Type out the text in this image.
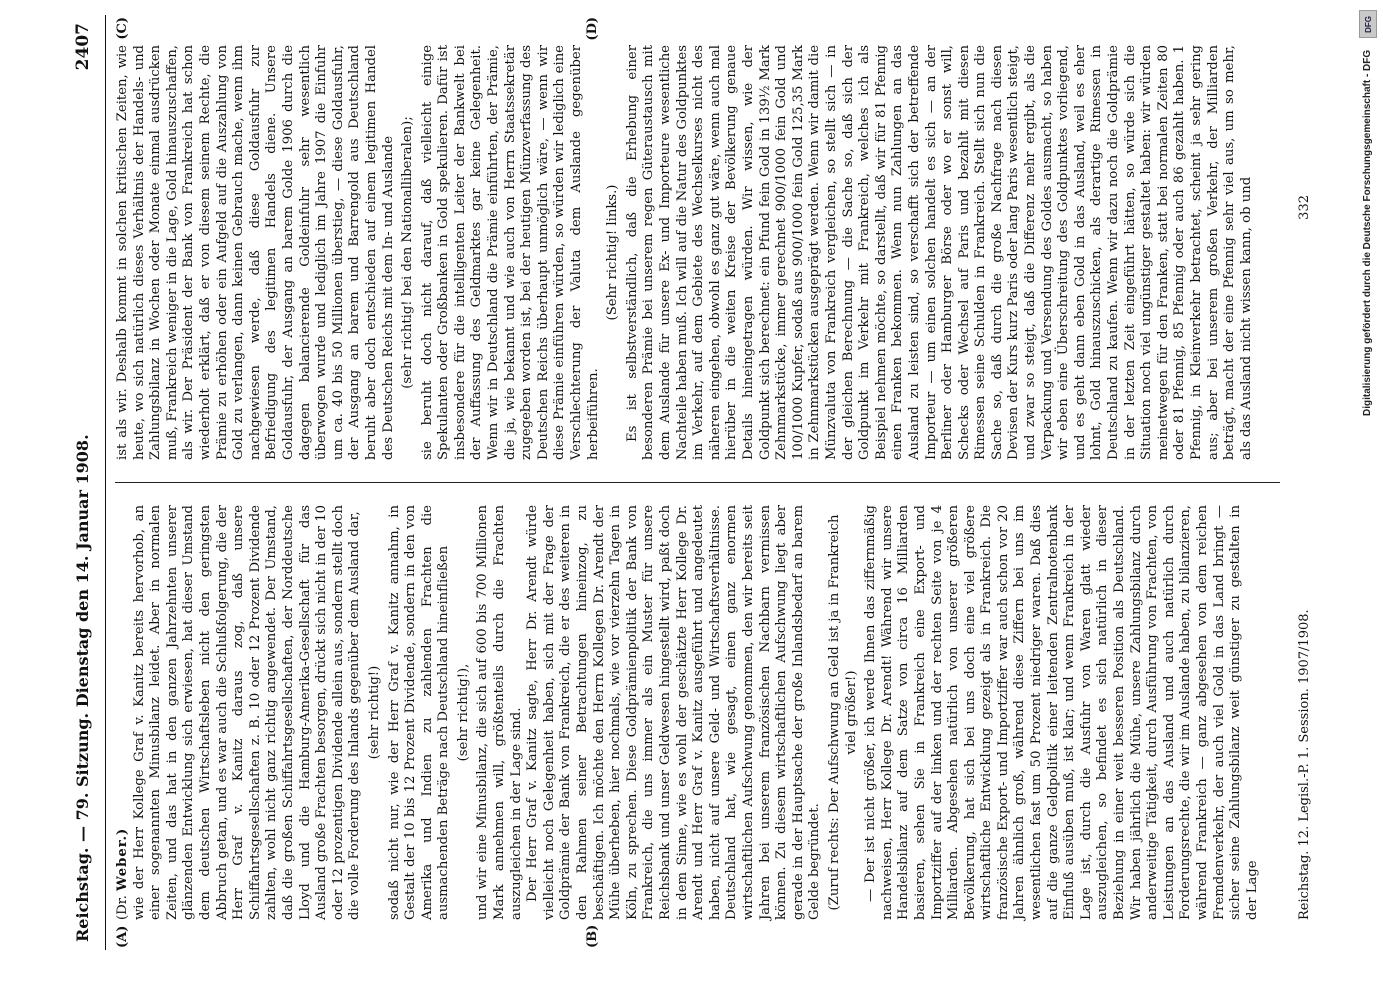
Reichstag. — 79. Sitzung. Dienstag den 14. Januar 1908.
2407
(A)	(B)

(Dr. Weber.) wie der Herr Kollege Graf v. Kanitz bereits hervorhob, an einer sogenannten Minusbilanz leidet. Aber in normalen Zeiten, und das hat in den ganzen Jahrzehnten unserer glänzenden Entwicklung sich erwiesen, hat dieser Umstand dem deutschen Wirtschaftsleben nicht den geringsten Abbruch getan, und es war auch die Schlußfolgerung, die der Herr Graf v. Kanitz daraus zog, daß unsere Schiffahrtsgesellschaften z. B. 10 oder 12 Prozent Dividende zahlten, wohl nicht ganz richtig angewendet. Der Umstand, daß die großen Schiffahrtsgesellschaften, der Norddeutsche Lloyd und die Hamburg-Amerika-Gesellschaft für das Ausland große Frachten besorgen, drückt sich nicht in der 10 oder 12 prozentigen Dividende allein aus, sondern stellt doch die volle Forderung des Inlands gegenüber dem Ausland dar, (sehr richtig!) sodaß nicht nur, wie der Herr Graf v. Kanitz annahm, in Gestalt der 10 bis 12 Prozent Dividende, sondern in den von Amerika und Indien zu zahlenden Frachten die ausmachenden Beträge nach Deutschland hineinfließen (sehr richtig!), und wir eine Minusbilanz, die sich auf 600 bis 700 Millionen Mark annehmen will, größtenteils durch die Frachten auszugleichen in der Lage sind. Der Herr Graf v. Kanitz sagte, Herr Dr. Arendt würde vielleicht noch Gelegenheit haben, sich mit der Frage der Goldprämie der Bank von Frankreich, die er des weiteren in den Rahmen seiner Betrachtungen hineinzog, zu beschäftigen. Ich möchte den Herrn Kollegen Dr. Arendt der Mühe überheben, hier nochmals, wie vor vierzehn Tagen in Köln, zu sprechen. Diese Goldprämienpolitik der Bank von Frankreich, die uns immer als ein Muster für unsere Reichsbank und unser Geldwesen hingestellt wird, paßt doch in dem Sinne, wie es wohl der geschätzte Herr Kollege Dr. Arendt und Herr Graf v. Kanitz ausgeführt und angedeutet haben, nicht auf unsere Geld- und Wirtschaftsverhältnisse. Deutschland hat, wie gesagt, einen ganz enormen wirtschaftlichen Aufschwung genommen, den wir bereits seit Jahren bei unserem französischen Nachbarn vermissen können. Zu diesem wirtschaftlichen Aufschwung liegt aber gerade in der Hauptsache der große Inlandsbedarf an barem Gelde begründet. (Zuruf rechts: Der Aufschwung an Geld ist ja in Frankreich viel größer!) — Der ist nicht größer, ich werde Ihnen das ziffernmäßig nachweisen, Herr Kollege Dr. Arendt! Während wir unsere Handelsbilanz auf dem Satze von circa 16 Milliarden basieren, sehen Sie in Frankreich eine Export- und Importziffer auf der linken und der rechten Seite von je 4 Milliarden. Abgesehen natürlich von unserer größeren Bevölkerung, hat sich bei uns doch eine viel größere wirtschaftliche Entwicklung gezeigt als in Frankreich. Die französische Export- und Importziffer war auch schon vor 20 Jahren ähnlich groß, während diese Ziffern bei uns im wesentlichen fast um 50 Prozent niedriger waren. Daß dies auf die ganze Geldpolitik einer leitenden Zentralnotenbank Einfluß ausüben muß, ist klar; und wenn Frankreich in der Lage ist, durch die Ausfuhr von Waren glatt wieder auszugleichen, so befindet es sich natürlich in dieser Beziehung in einer weit besseren Position als Deutschland. Wir haben jährlich die Mühe, unsere Zahlungsbilanz durch anderweitige Tätigkeit, durch Ausführung von Frachten, von Leistungen an das Ausland und auch natürlich durch Forderungsrechte, die wir im Auslande haben, zu bilanzieren, während Frankreich — ganz abgesehen von dem reichen Fremdenverkehr, der auch viel Gold in das Land bringt — sicher seine Zahlungsbilanz weit günstiger zu gestalten in der Lage

(C)	(D)

ist als wir. Deshalb kommt in solchen kritischen Zeiten, wie heute, wo sich natürlich dieses Verhältnis der Handels- und Zahlungsbilanz in Wochen oder Monate einmal ausdrücken muß, Frankreich weniger in die Lage, Gold hinauszuschaffen, als wir. Der Präsident der Bank von Frankreich hat schon wiederholt erklärt, daß er von diesem seinem Rechte, die Prämie zu erhöhen oder ein Aufgeld auf die Auszahlung von Gold zu verlangen, dann keinen Gebrauch mache, wenn ihm nachgewiesen werde, daß diese Goldausfuhr zur Befriedigung des legitimen Handels diene. Unsere Goldausfuhr, der Ausgang an barem Golde 1906 durch die dagegen balancierende Goldeinfuhr sehr wesentlich überwogen wurde und lediglich im Jahre 1907 die Einfuhr um ca. 40 bis 50 Millionen überstieg, — diese Goldausfuhr, der Ausgang an barem und Barrengold aus Deutschland beruht aber doch entschieden auf einem legitimen Handel des Deutschen Reichs mit dem In- und Auslande (sehr richtig! bei den Nationalliberalen); sie beruht doch nicht darauf, daß vielleicht einige Spekulanten oder Großbanken in Gold spekulieren. Dafür ist insbesondere für die intelligenten Leiter der Bankwelt bei der Auffassung des Geldmarktes gar keine Gelegenheit. Wenn wir in Deutschland die Prämie einführten, der Prämie, die ja, wie bekannt und wie auch von Herrn Staatssekretär zugegeben worden ist, bei der heutigen Münzverfassung des Deutschen Reichs überhaupt unmöglich wäre, — wenn wir diese Prämie einführen würden, so würden wir lediglich eine Verschlechterung der Valuta dem Auslande gegenüber herbeiführen.

(Sehr richtig! links.) Es ist selbstverständlich, daß die Erhebung einer besonderen Prämie bei unserem regen Güteraustausch mit dem Auslande für unsere Ex- und Importeure wesentliche Nachteile haben muß. Ich will auf die Natur des Goldpunktes im Verkehr, auf dem Gebiete des Wechselkurses nicht des näheren eingehen, obwohl es ganz gut wäre, wenn auch mal hierüber in die weiten Kreise der Bevölkerung genaue Details hineingetragen würden. Wir wissen, wie der Goldpunkt sich berechnet: ein Pfund fein Gold in 139½ Mark Zehnmarkstücke, immer gerechnet 900/1000 fein Gold und 100/1000 Kupfer, sodaß aus 900/1000 fein Gold 125,35 Mark in Zehnmarkstücken ausgeprägt werden. Wenn wir damit die Münzvaluta von Frankreich vergleichen, so stellt sich — in der gleichen Berechnung — die Sache so, daß sich der Goldpunkt im Verkehr mit Frankreich, welches ich als Beispiel nehmen möchte, so darstellt, daß wir für 81 Pfennig einen Franken bekommen. Wenn nun Zahlungen an das Ausland zu leisten sind, so verschafft sich der betreffende Importeur — um einen solchen handelt es sich — an der Berliner oder Hamburger Börse oder wo er sonst will, Schecks oder Wechsel auf Paris und bezahlt mit diesen Rimessen seine Schulden in Frankreich. Stellt sich nun die Sache so, daß durch die große Nachfrage nach diesen Devisen der Kurs kurz Paris oder lang Paris wesentlich steigt, und zwar so steigt, daß die Differenz mehr ergibt, als die Verpackung und Versendung des Goldes ausmacht, so haben wir eben eine Überschreitung des Goldpunktes vorliegend, und es geht dann eben Gold in das Ausland, weil es eher lohnt, Gold hinauszuschicken, als derartige Rimessen in Deutschland zu kaufen. Wenn wir dazu noch die Goldprämie in der letzten Zeit eingeführt hätten, so würde sich die Situation noch viel ungünstiger gestaltet haben: wir würden meinetwegen für den Franken, statt bei normalen Zeiten 80 oder 81 Pfennig, 85 Pfennig oder auch 86 gezahlt haben. 1 Pfennig, in Kleinverkehr betrachtet, scheint ja sehr gering aus; aber bei unserem großen Verkehr, der Milliarden beträgt, macht der eine Pfennig sehr viel aus, um so mehr, als das Ausland nicht wissen kann, ob und

Reichstag. 12. Legisl.-P. 1. Session. 1907/1908.
332
DFG
Digitalisierung gefördert durch die Deutsche Forschungsgemeinschaft - DFG
